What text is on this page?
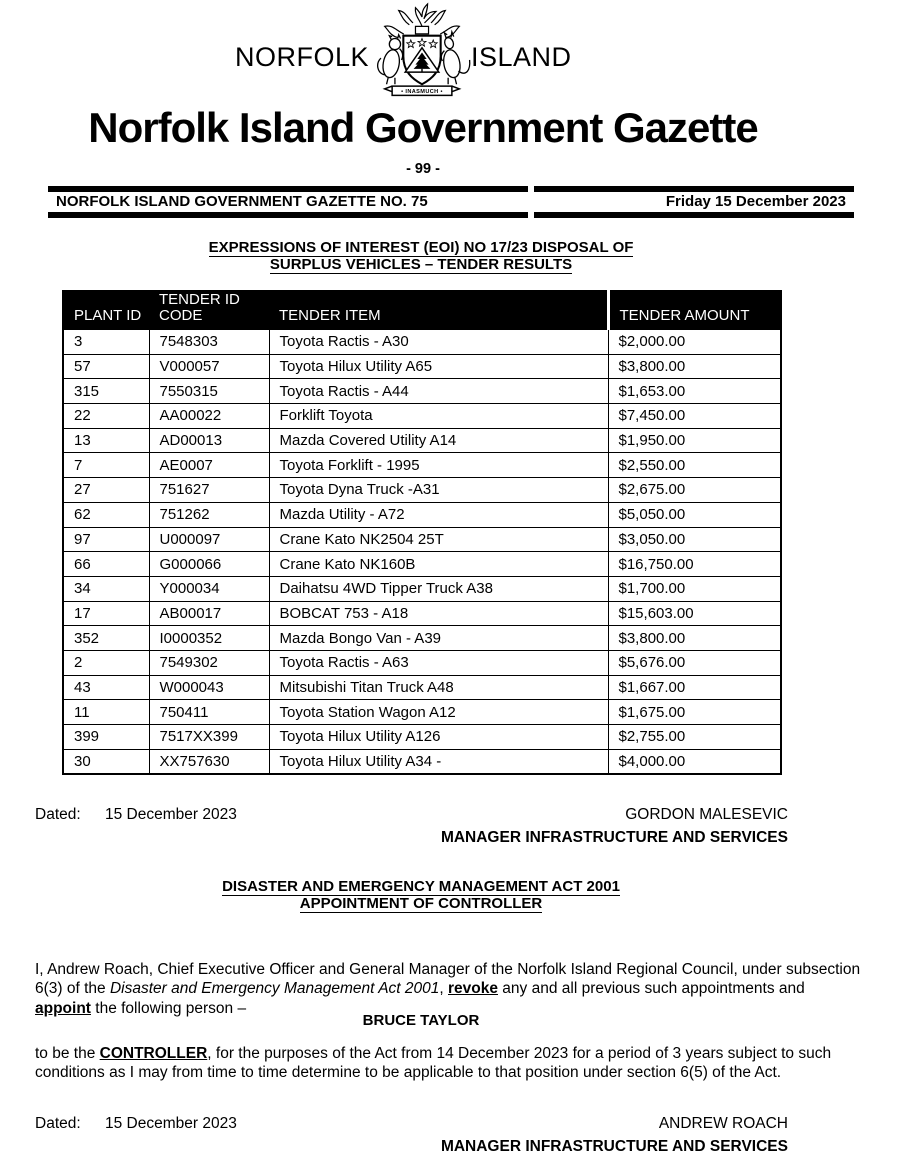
NORFOLK
• INASMUCH •
ISLAND
Norfolk Island Government Gazette
- 99 -
NORFOLK ISLAND GOVERNMENT GAZETTE NO. 75	Friday 15 December 2023
EXPRESSIONS OF INTEREST (EOI) NO 17/23 DISPOSAL OF
SURPLUS VEHICLES – TENDER RESULTS
PLANT ID	TENDER ID CODE	TENDER ITEM	TENDER AMOUNT
3	7548303	Toyota Ractis - A30	$2,000.00
57	V000057	Toyota Hilux Utility A65	$3,800.00
315	7550315	Toyota Ractis - A44	$1,653.00
22	AA00022	Forklift Toyota	$7,450.00
13	AD00013	Mazda Covered Utility A14	$1,950.00
7	AE0007	Toyota Forklift - 1995	$2,550.00
27	751627	Toyota Dyna Truck -A31	$2,675.00
62	751262	Mazda Utility - A72	$5,050.00
97	U000097	Crane Kato NK2504 25T	$3,050.00
66	G000066	Crane Kato NK160B	$16,750.00
34	Y000034	Daihatsu 4WD Tipper Truck A38	$1,700.00
17	AB00017	BOBCAT 753 - A18	$15,603.00
352	I0000352	Mazda Bongo Van - A39	$3,800.00
2	7549302	Toyota Ractis - A63	$5,676.00
43	W000043	Mitsubishi Titan Truck A48	$1,667.00
11	750411	Toyota Station Wagon A12	$1,675.00
399	7517XX399	Toyota Hilux Utility A126	$2,755.00
30	XX757630	Toyota Hilux Utility A34 -	$4,000.00
Dated: 15 December 2023	GORDON MALESEVIC
MANAGER INFRASTRUCTURE AND SERVICES
DISASTER AND EMERGENCY MANAGEMENT ACT 2001
APPOINTMENT OF CONTROLLER
I, Andrew Roach, Chief Executive Officer and General Manager of the Norfolk Island Regional Council, under subsection
6(3) of the Disaster and Emergency Management Act 2001, revoke any and all previous such appointments and
appoint the following person –
BRUCE TAYLOR
to be the CONTROLLER, for the purposes of the Act from 14 December 2023 for a period of 3 years subject to such
conditions as I may from time to time determine to be applicable to that position under section 6(5) of the Act.
Dated: 15 December 2023	ANDREW ROACH
MANAGER INFRASTRUCTURE AND SERVICES
